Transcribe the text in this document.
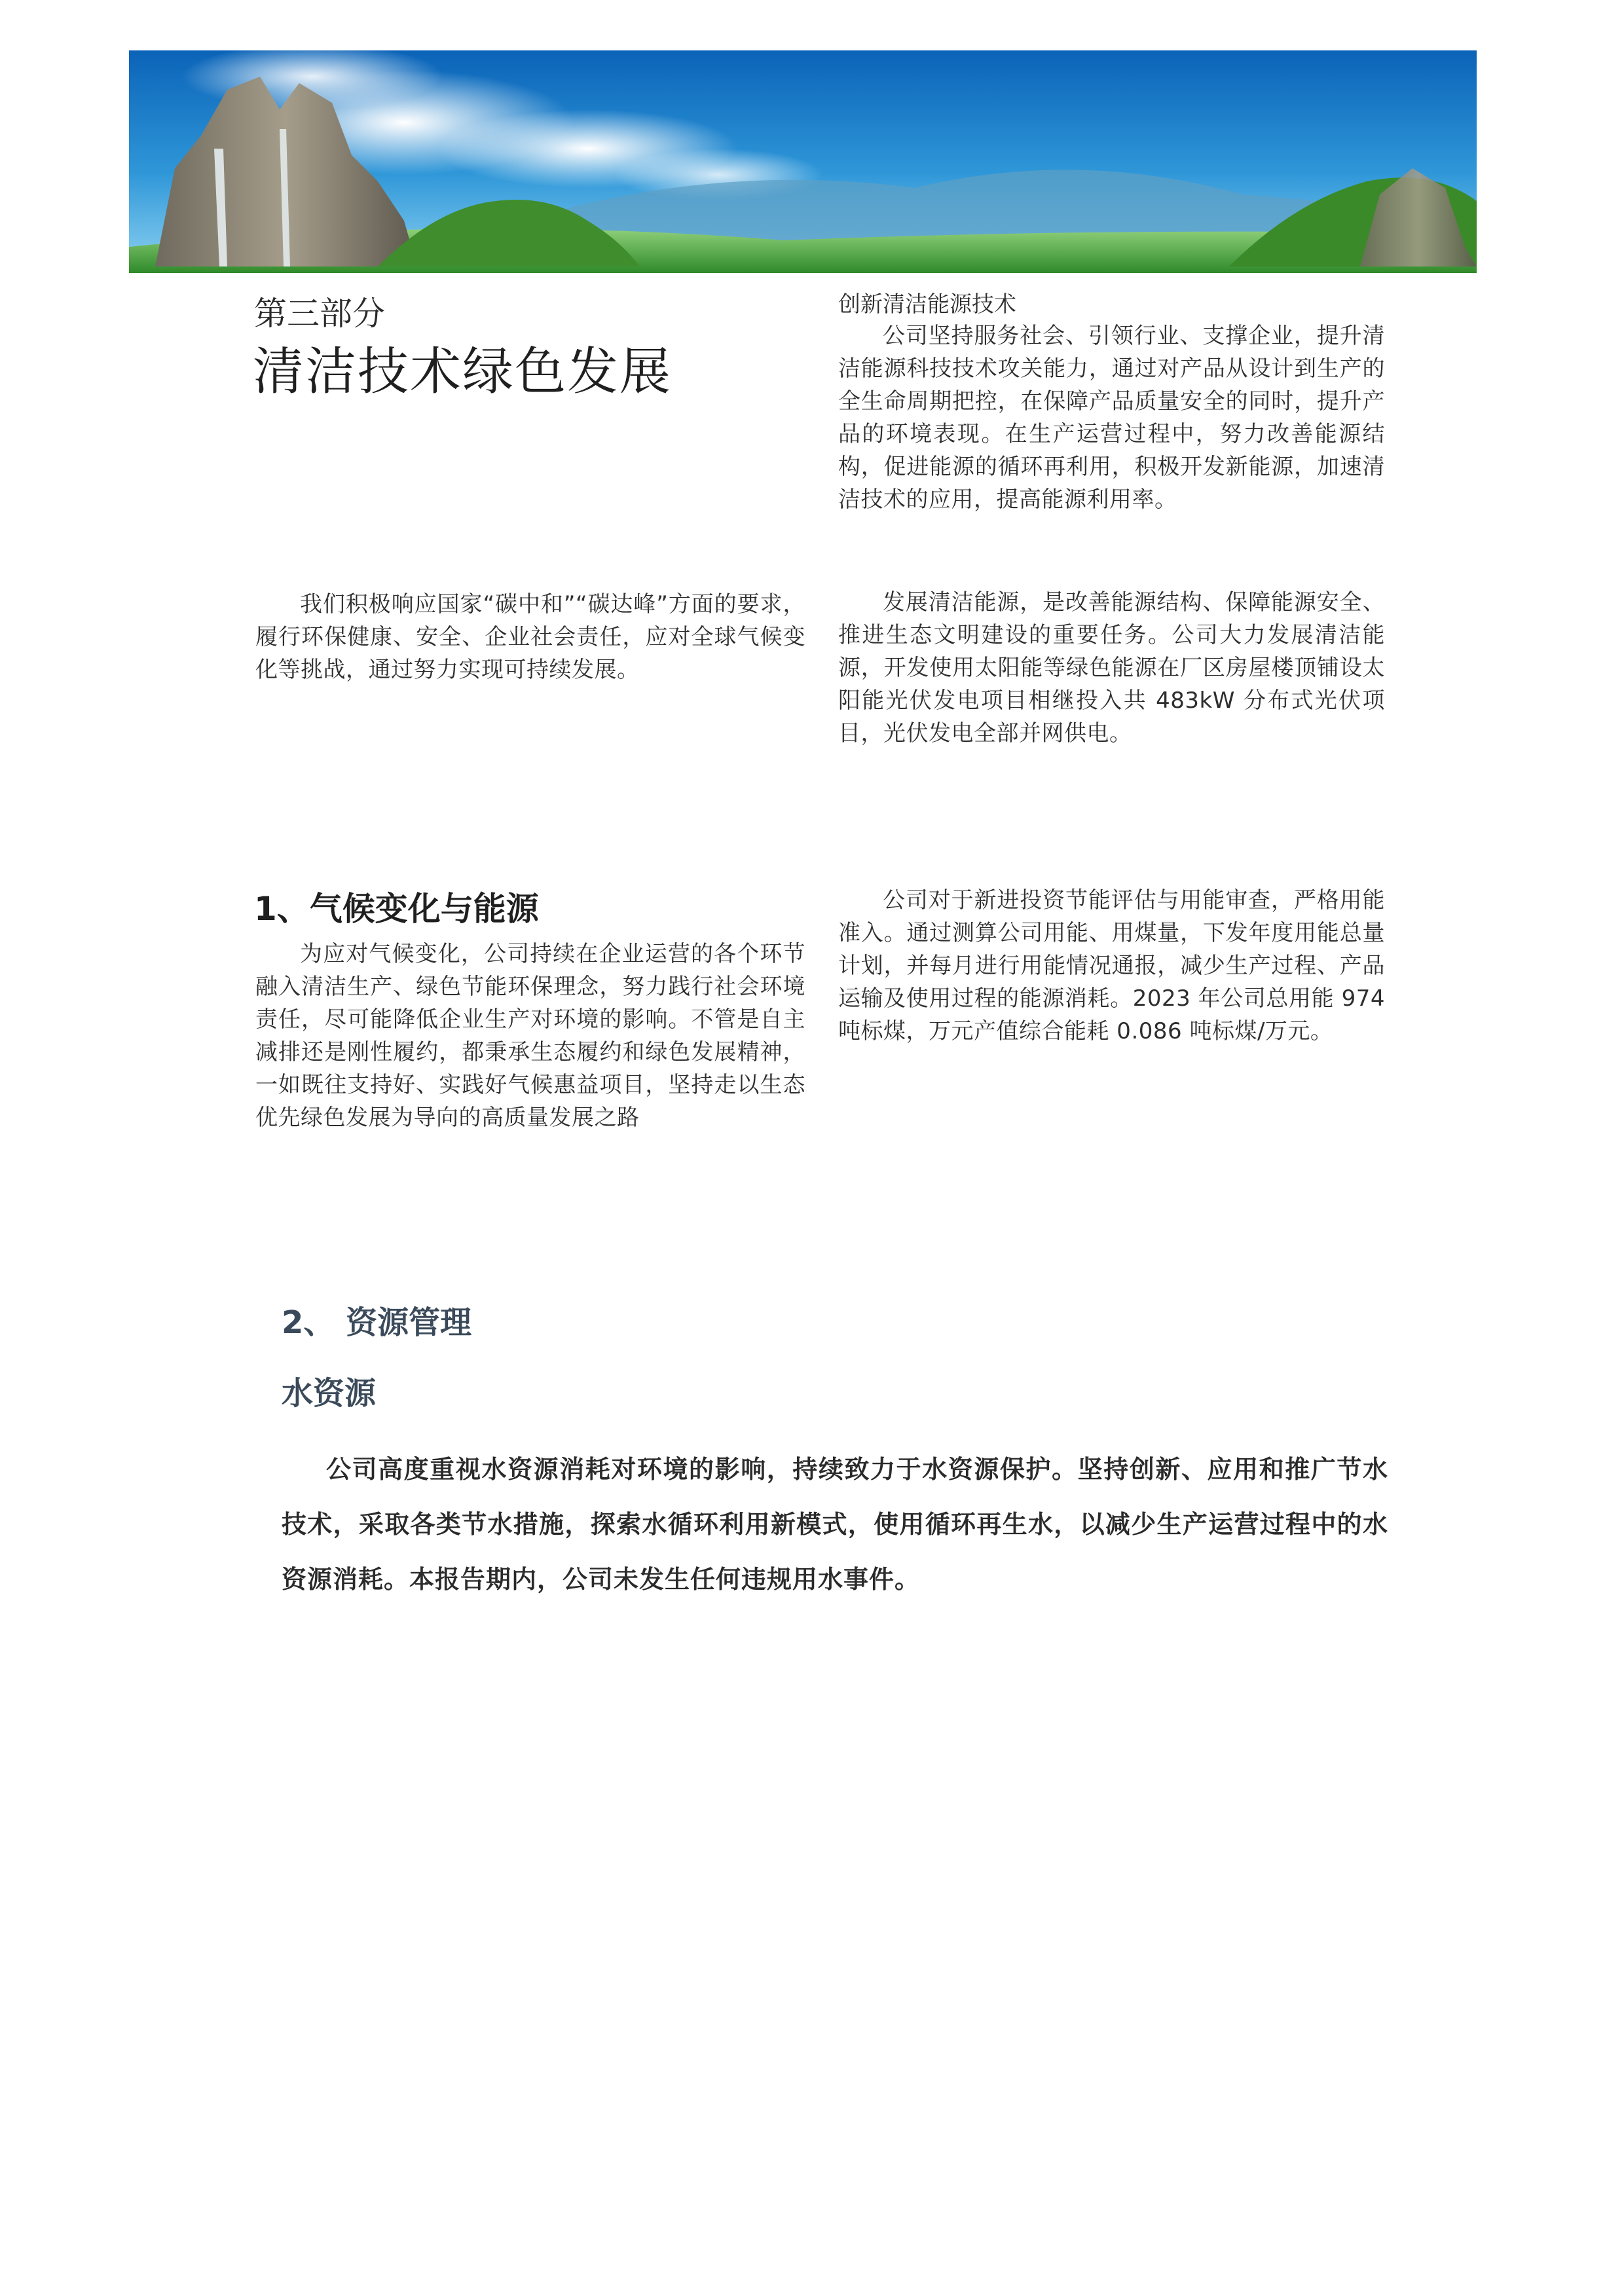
第三部分
清洁技术绿色发展
我们积极响应国家“碳中和”“碳达峰”方面的要求，履行环保健康、安全、企业社会责任，应对全球气候变化等挑战，通过努力实现可持续发展。
1、气候变化与能源
为应对气候变化，公司持续在企业运营的各个环节融入清洁生产、绿色节能环保理念，努力践行社会环境责任，尽可能降低企业生产对环境的影响。不管是自主减排还是刚性履约，都秉承生态履约和绿色发展精神，一如既往支持好、实践好气候惠益项目，坚持走以生态优先绿色发展为导向的高质量发展之路
创新清洁能源技术
公司坚持服务社会、引领行业、支撑企业，提升清洁能源科技技术攻关能力，通过对产品从设计到生产的全生命周期把控，在保障产品质量安全的同时，提升产品的环境表现。在生产运营过程中，努力改善能源结构，促进能源的循环再利用，积极开发新能源，加速清洁技术的应用，提高能源利用率。
发展清洁能源，是改善能源结构、保障能源安全、推进生态文明建设的重要任务。公司大力发展清洁能源，开发使用太阳能等绿色能源在厂区房屋楼顶铺设太阳能光伏发电项目相继投入共 483kW 分布式光伏项目，光伏发电全部并网供电。
公司对于新进投资节能评估与用能审查，严格用能准入。通过测算公司用能、用煤量，下发年度用能总量计划，并每月进行用能情况通报，减少生产过程、产品运输及使用过程的能源消耗。2023 年公司总用能 974 吨标煤，万元产值综合能耗 0.086 吨标煤/万元。
2、 资源管理
水资源
公司高度重视水资源消耗对环境的影响，持续致力于水资源保护。坚持创新、应用和推广节水技术，采取各类节水措施，探索水循环利用新模式，使用循环再生水，以减少生产运营过程中的水资源消耗。本报告期内，公司未发生任何违规用水事件。
